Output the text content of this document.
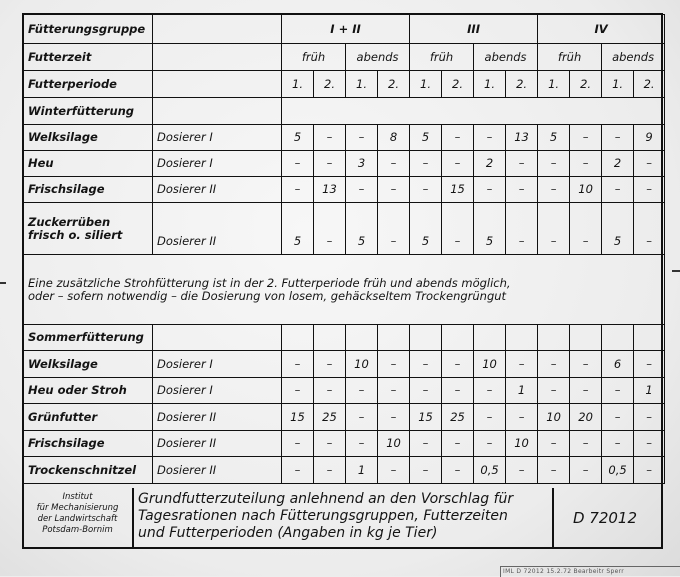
Fütterungsgruppe		I + II				III				IV			
Futterzeit		früh		abends		früh		abends		früh		abends	
Futterperiode		1.	2.	1.	2.	1.	2.	1.	2.	1.	2.	1.	2.
Winterfütterung													
Welksilage	Dosierer I	5	–	–	8	5	–	–	13	5	–	–	9
Heu	Dosierer I	–	–	3	–	–	–	2	–	–	–	2	–
Frischsilage	Dosierer II	–	13	–	–	–	15	–	–	–	10	–	–

Zuckerrüben
frisch o. siliert	Dosierer II	5	–	5	–	5	–	5	–	–	–	5	–

Eine zusätzliche Strohfütterung ist in der 2. Futterperiode früh und abends möglich,
oder – sofern notwendig – die Dosierung von losem, gehäckseltem Trockengrüngut													

Sommerfütterung													
Welksilage	Dosierer I	–	–	10	–	–	–	10	–	–	–	6	–
Heu oder Stroh	Dosierer I	–	–	–	–	–	–	–	1	–	–	–	1
Grünfutter	Dosierer II	15	25	–	–	15	25	–	–	10	20	–	–
Frischsilage	Dosierer II	–	–	–	10	–	–	–	10	–	–	–	–
Trockenschnitzel	Dosierer II	–	–	1	–	–	–	0,5	–	–	–	0,5	–
Institut
für Mechanisierung
der Landwirtschaft
Potsdam-Bornim
Grundfutterzuteilung anlehnend an den Vorschlag für
Tagesrationen nach Fütterungsgruppen, Futterzeiten
und Futterperioden (Angaben in kg je Tier)
D 72012
IML D 72012 15.2.72 Bearbeitr Sperr
